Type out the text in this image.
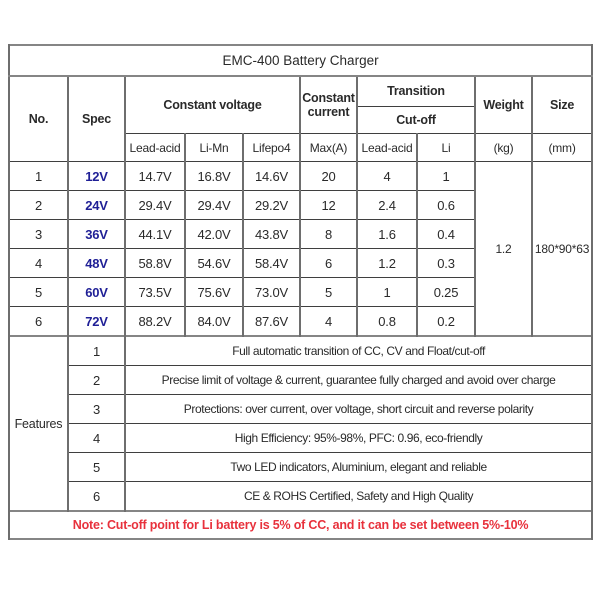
EMC-400 Battery Charger									
No.	Spec	Constant voltage			Constant current	Transition		Weight	Size
						Cut-off			
		Lead-acid	Li-Mn	Lifepo4	Max(A)	Lead-acid	Li	(kg)	(mm)
1	12V	14.7V	16.8V	14.6V	20	4	1	1.2	180*90*63
2	24V	29.4V	29.4V	29.2V	12	2.4	0.6		
3	36V	44.1V	42.0V	43.8V	8	1.6	0.4		
4	48V	58.8V	54.6V	58.4V	6	1.2	0.3		
5	60V	73.5V	75.6V	73.0V	5	1	0.25		
6	72V	88.2V	84.0V	87.6V	4	0.8	0.2		
Features	1	Full automatic transition of CC, CV and Float/cut-off							
	2	Precise limit of voltage & current, guarantee fully charged and avoid over charge							
	3	Protections: over current, over voltage, short circuit and reverse polarity							
	4	High Efficiency: 95%-98%, PFC: 0.96, eco-friendly							
	5	Two LED indicators, Aluminium, elegant and reliable							
	6	CE & ROHS Certified, Safety and High Quality							
Note: Cut-off point for Li battery is 5% of CC, and it can be set between 5%-10%									
